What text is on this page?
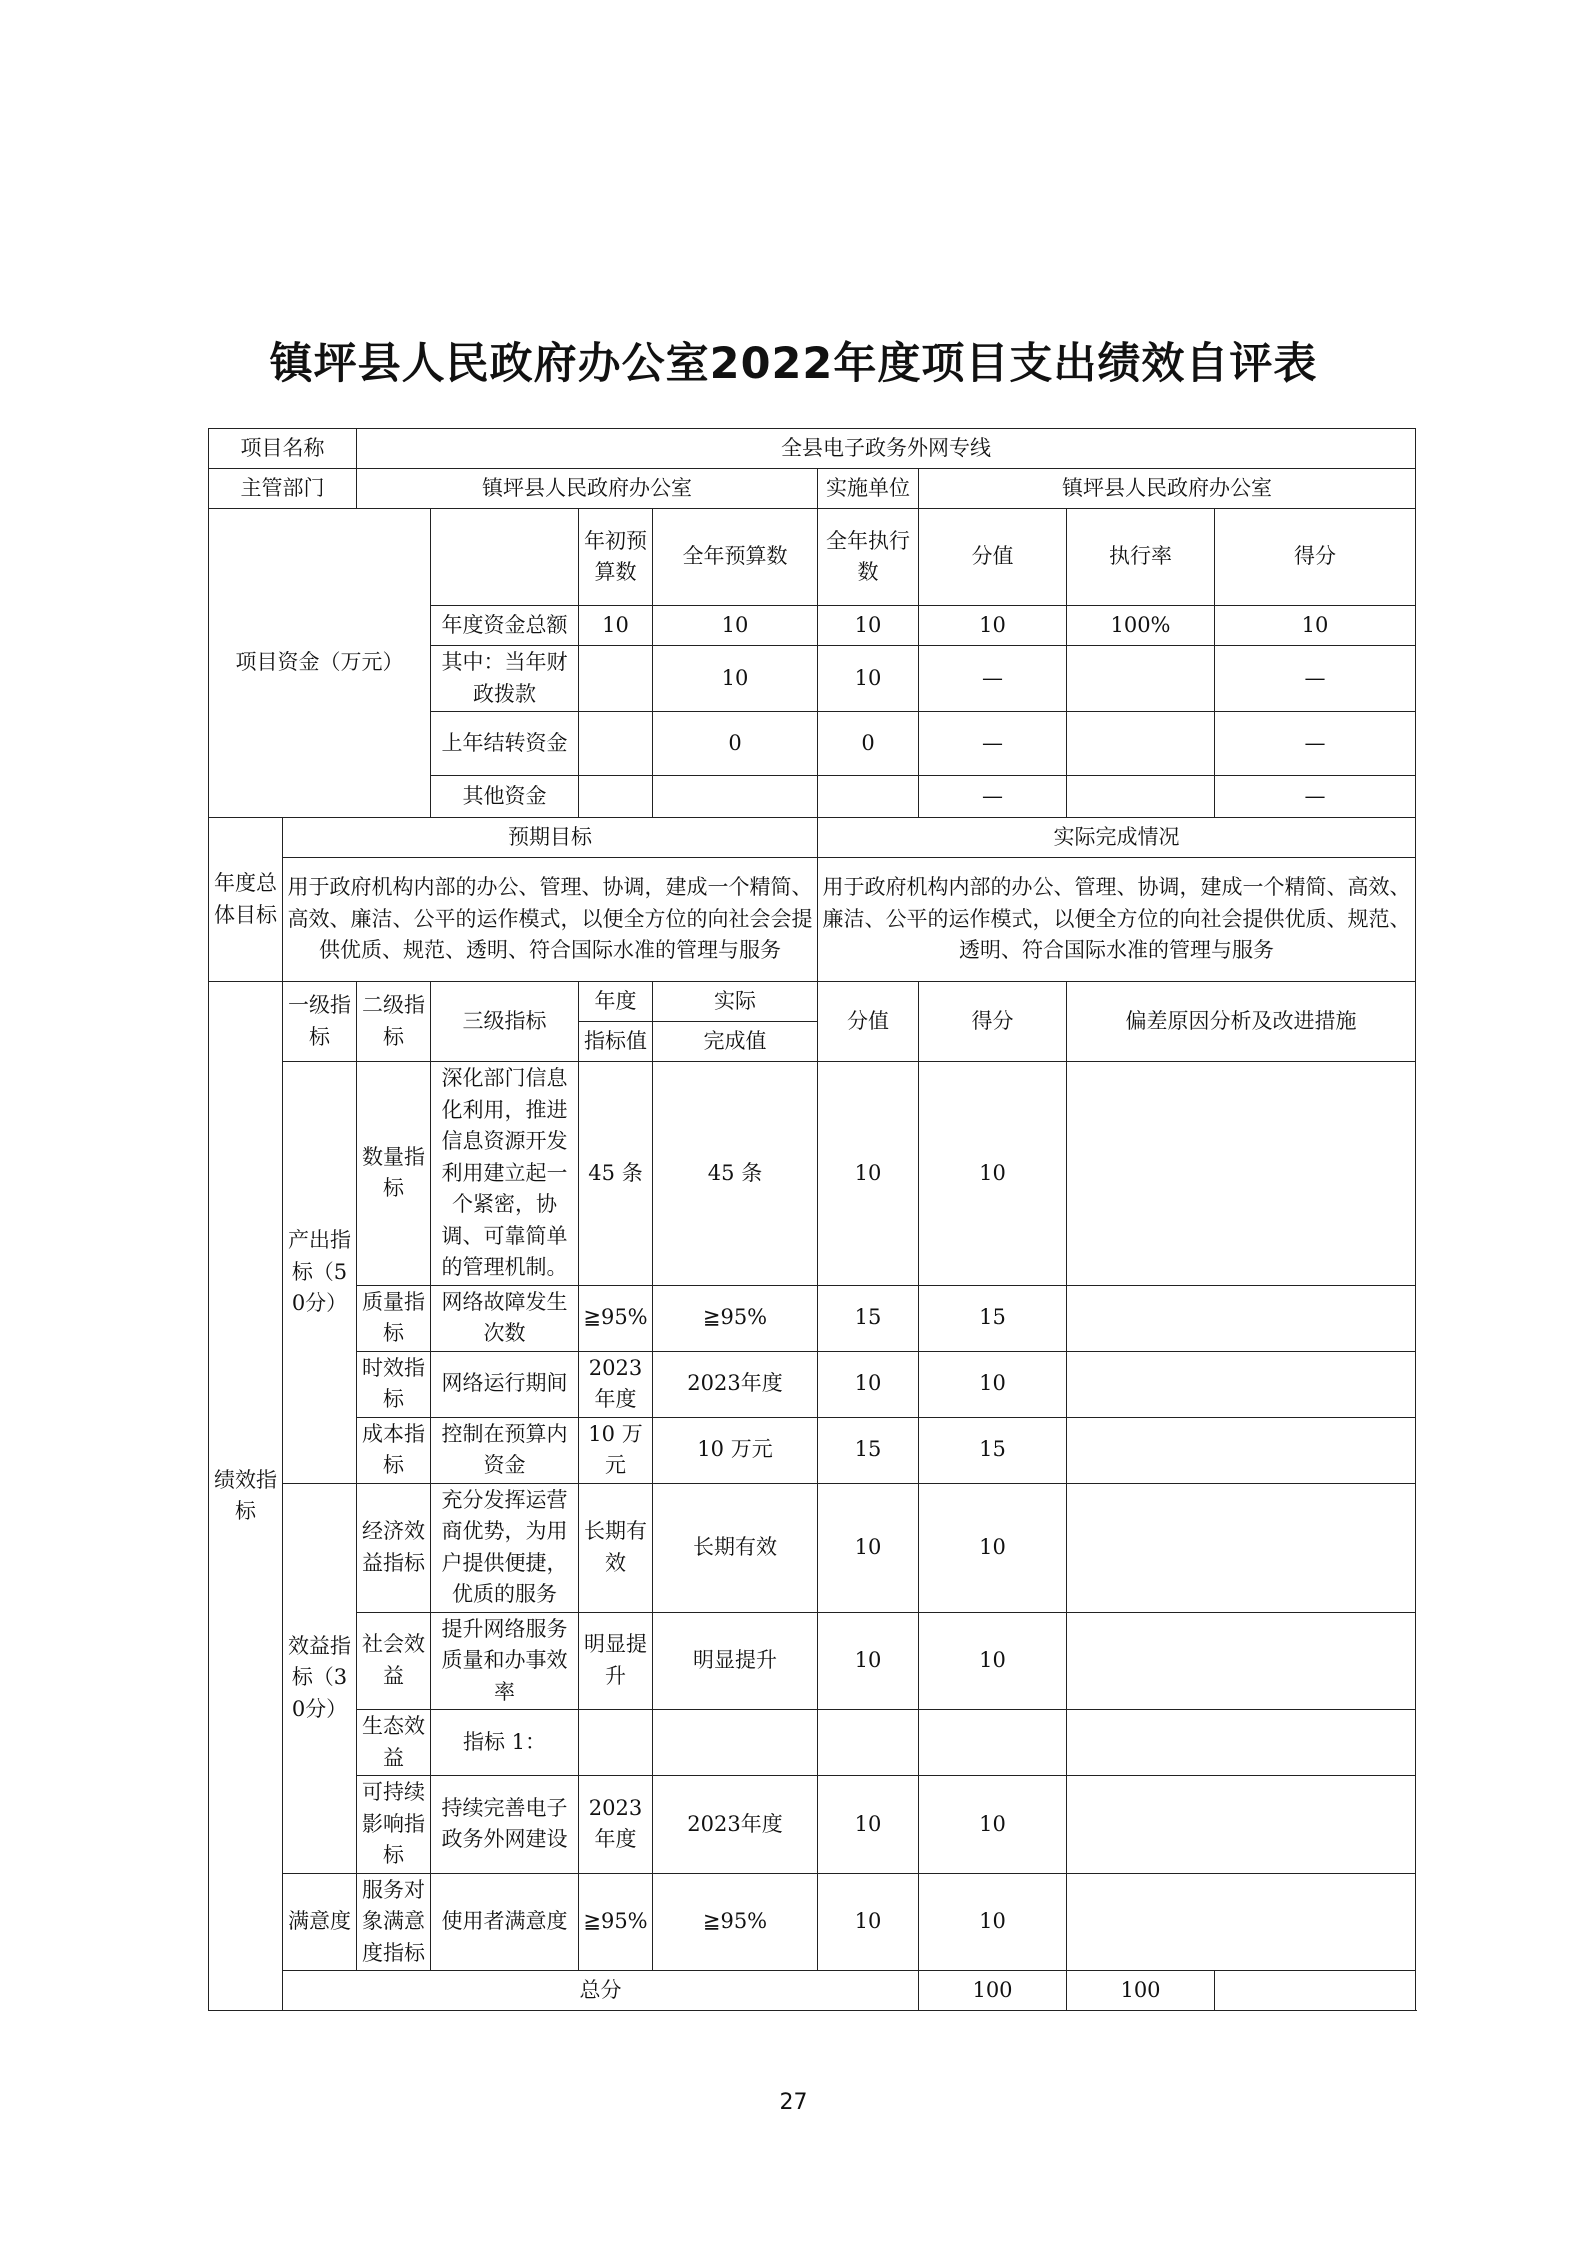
镇坪县人民政府办公室2022年度项目支出绩效自评表
项目名称		全县电子政务外网专线							
主管部门		镇坪县人民政府办公室				实施单位	镇坪县人民政府办公室		
项目资金（万元）				年初预算数	全年预算数	全年执行数	分值	执行率	得分
			年度资金总额	10	10	10	10	100%	10
			其中：当年财政拨款		10	10	—		—
			上年结转资金		0	0	—		—
			其他资金				—		—
年度总体目标	预期目标					实际完成情况			
	用于政府机构内部的办公、管理、协调，建成一个精简、高效、廉洁、公平的运作模式，以便全方位的向社会会提供优质、规范、透明、符合国际水准的管理与服务					用于政府机构内部的办公、管理、协调，建成一个精简、高效、廉洁、公平的运作模式，以便全方位的向社会提供优质、规范、透明、符合国际水准的管理与服务			
绩效指标	一级指标	二级指标	三级指标	年度	实际	分值	得分	偏差原因分析及改进措施	
				指标值	完成值				
	产出指标（50分）	数量指标	深化部门信息化利用，推进信息资源开发利用建立起一个紧密，协调、可靠简单的管理机制。	45 条	45 条	10	10		
		质量指标	网络故障发生次数	≧95%	≧95%	15	15		
		时效指标	网络运行期间	2023 年度	2023年度	10	10		
		成本指标	控制在预算内资金	10 万元	10 万元	15	15		
	效益指标（30分）	经济效益指标	充分发挥运营商优势，为用户提供便捷，优质的服务	长期有效	长期有效	10	10		
		社会效益	提升网络服务质量和办事效率	明显提升	明显提升	10	10		
		生态效益	指标 1：						
		可持续影响指标	持续完善电子政务外网建设	2023 年度	2023年度	10	10		
	满意度	服务对象满意度指标	使用者满意度	≧95%	≧95%	10	10		
	总分						100	100	
27
